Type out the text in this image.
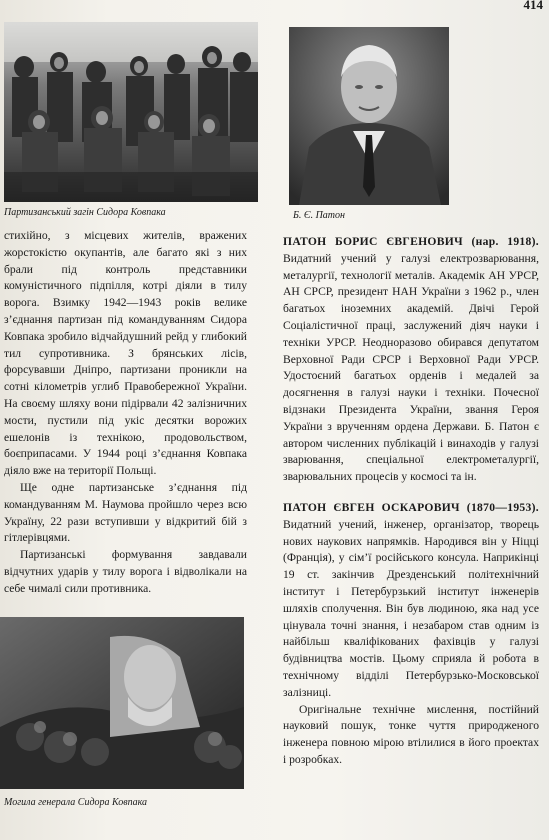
414
Партизанський загін Сидора Ковпака	Б. Є. Патон

стихійно, з місцевих жителів, вражених жорстокістю окупантів, але багато які з них брали під контроль представники комуністичного підпілля, котрі діяли в тилу ворога. Взимку 1942—1943 років велике з’єднання партизан під командуванням Сидора Ковпака зробило відчайдушний рейд у глибокий тил супротивника. З брянських лісів, форсувавши Дніпро, партизани проникли на сотні кілометрів углиб Правобережної України. На своєму шляху вони підірвали 42 залізничних мости, пустили під укіс десятки ворожих ешелонів із технікою, продовольством, боєприпасами. У 1944 році з’єднання Ковпака діяло вже на території Польщі.

Ще одне партизанське з’єднання під командуванням М. Наумова пройшло через всю Україну, 22 рази вступивши у відкритий бій з гітлерівцями.

Партизанські формування завдавали відчутних ударів у тилу ворога і відволікали на себе чималі сили противника.

Могила генерала Сидора Ковпака

ПАТОН БОРИС ЄВГЕНОВИЧ (нар. 1918). Видатний учений у галузі електрозварювання, металургії, технології металів. Академік АН УРСР, АН СРСР, президент НАН України з 1962 р., член багатьох іноземних академій. Двічі Герой Соціалістичної праці, заслужений діяч науки і техніки УРСР. Неодноразово обирався депутатом Верховної Ради СРСР і Верховної Ради УРСР. Удостоєний багатьох орденів і медалей за досягнення в галузі науки і техніки. Почесної відзнаки Президента України, звання Героя України з врученням ордена Держави. Б. Патон є автором численних публікацій і винаходів у галузі зварювання, спеціальної електрометалургії, зварювальних процесів у космосі та ін.

ПАТОН ЄВГЕН ОСКАРОВИЧ (1870—1953). Видатний учений, інженер, організатор, творець нових наукових напрямків. Народився він у Ніцці (Франція), у сім’ї російського консула. Наприкінці 19 ст. закінчив Дрезденський політехнічний інститут і Петербурзький інститут інженерів шляхів сполучення. Він був людиною, яка над усе цінувала точні знання, і незабаром став одним із найбільш кваліфікованих фахівців у галузі будівництва мостів. Цьому сприяла й робота в технічному відділі Петербурзько-Московської залізниці.

Оригінальне технічне мислення, постійний науковий пошук, тонке чуття природженого інженера повною мірою втілилися в його проектах і розробках.
